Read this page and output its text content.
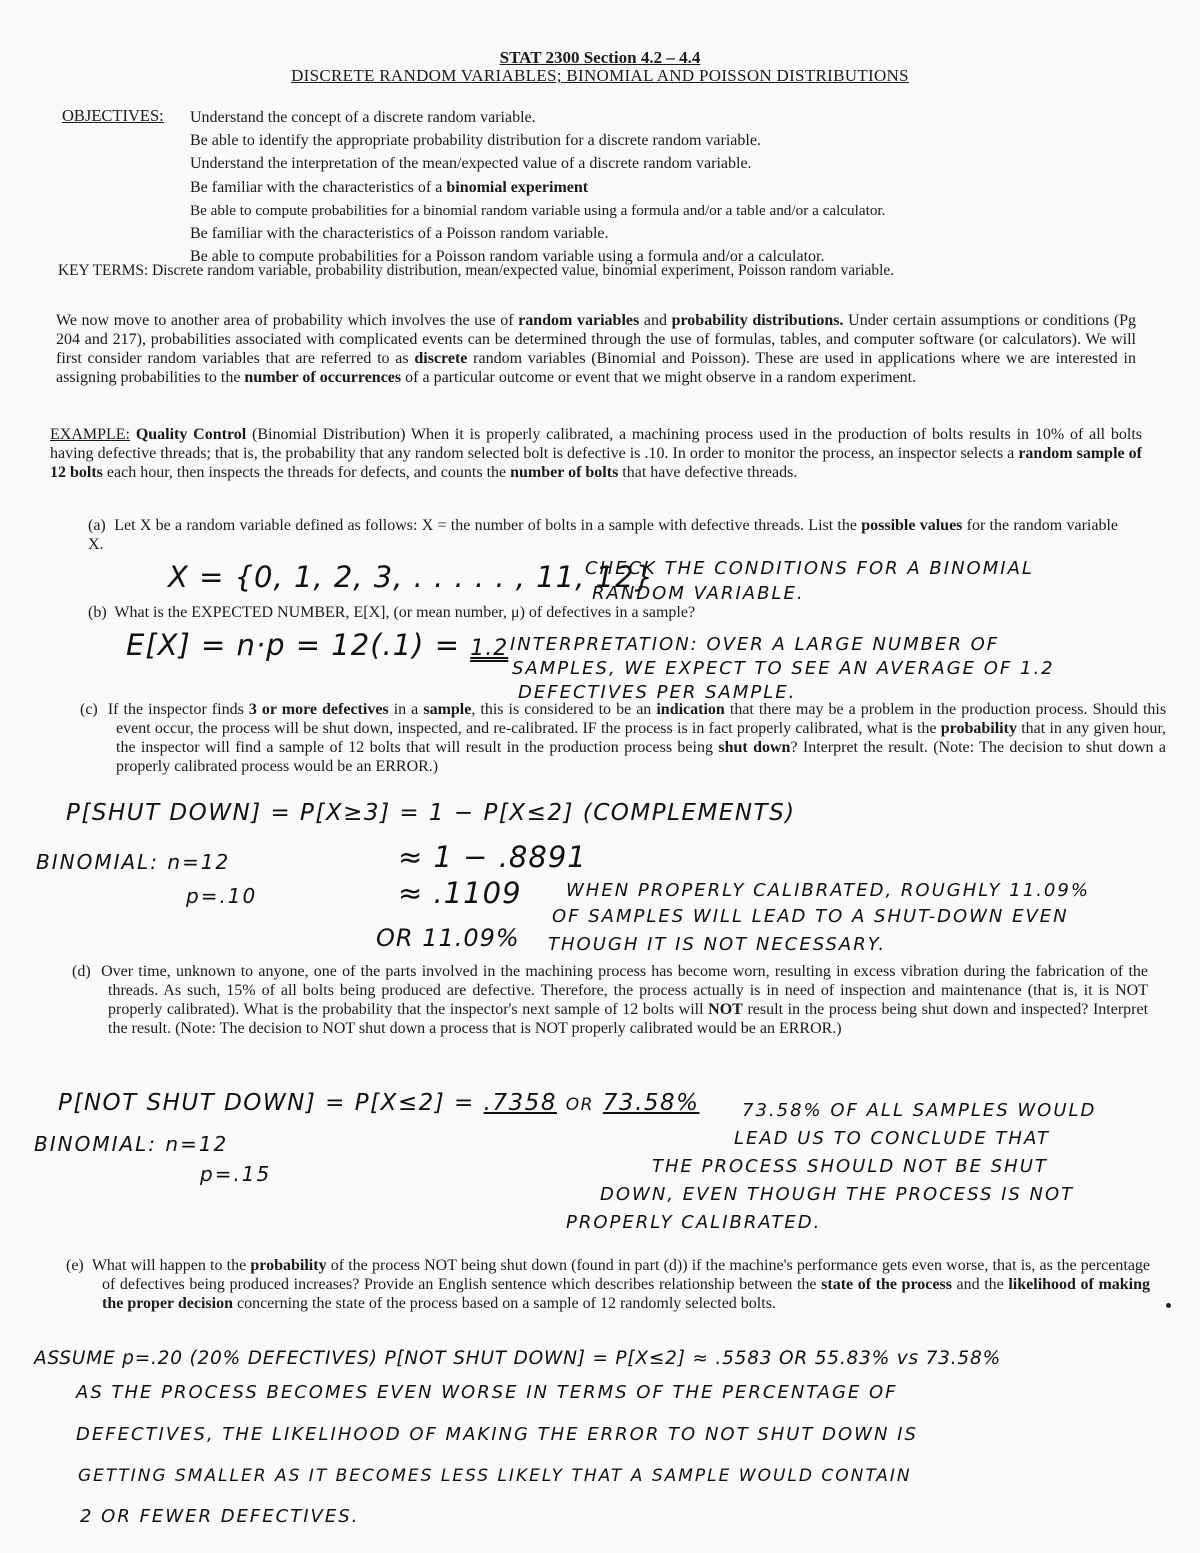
STAT 2300 Section 4.2 – 4.4
DISCRETE RANDOM VARIABLES; BINOMIAL AND POISSON DISTRIBUTIONS
OBJECTIVES: Understand the concept of a discrete random variable.
Be able to identify the appropriate probability distribution for a discrete random variable.
Understand the interpretation of the mean/expected value of a discrete random variable.
Be familiar with the characteristics of a binomial experiment
Be able to compute probabilities for a binomial random variable using a formula and/or a table and/or a calculator.
Be familiar with the characteristics of a Poisson random variable.
Be able to compute probabilities for a Poisson random variable using a formula and/or a calculator.
KEY TERMS: Discrete random variable, probability distribution, mean/expected value, binomial experiment, Poisson random variable.
We now move to another area of probability which involves the use of random variables and probability distributions. Under certain assumptions or conditions (Pg 204 and 217), probabilities associated with complicated events can be determined through the use of formulas, tables, and computer software (or calculators). We will first consider random variables that are referred to as discrete random variables (Binomial and Poisson). These are used in applications where we are interested in assigning probabilities to the number of occurrences of a particular outcome or event that we might observe in a random experiment.
EXAMPLE: Quality Control (Binomial Distribution) When it is properly calibrated, a machining process used in the production of bolts results in 10% of all bolts having defective threads; that is, the probability that any random selected bolt is defective is .10. In order to monitor the process, an inspector selects a random sample of 12 bolts each hour, then inspects the threads for defects, and counts the number of bolts that have defective threads.
(a) Let X be a random variable defined as follows: X = the number of bolts in a sample with defective threads. List the possible values for the random variable X.
X = {0, 1, 2, 3, . . . . . , 11, 12}
CHECK THE CONDITIONS FOR A BINOMIAL
RANDOM VARIABLE.
(b) What is the EXPECTED NUMBER, E[X], (or mean number, μ) of defectives in a sample?
E[X] = n·p = 12(.1) = 1.2 INTERPRETATION: OVER A LARGE NUMBER OF
SAMPLES, WE EXPECT TO SEE AN AVERAGE OF 1.2
DEFECTIVES PER SAMPLE.
(c) If the inspector finds 3 or more defectives in a sample, this is considered to be an indication that there may be a problem in the production process. Should this event occur, the process will be shut down, inspected, and re-calibrated. IF the process is in fact properly calibrated, what is the probability that in any given hour, the inspector will find a sample of 12 bolts that will result in the production process being shut down? Interpret the result. (Note: The decision to shut down a properly calibrated process would be an ERROR.)
P[SHUT DOWN] = P[X≥3] = 1 − P[X≤2] (COMPLEMENTS)
BINOMIAL: n=12
p=.10
≈ 1 − .8891
≈ .1109
OR 11.09%
WHEN PROPERLY CALIBRATED, ROUGHLY 11.09%
OF SAMPLES WILL LEAD TO A SHUT-DOWN EVEN
THOUGH IT IS NOT NECESSARY.
(d) Over time, unknown to anyone, one of the parts involved in the machining process has become worn, resulting in excess vibration during the fabrication of the threads. As such, 15% of all bolts being produced are defective. Therefore, the process actually is in need of inspection and maintenance (that is, it is NOT properly calibrated). What is the probability that the inspector's next sample of 12 bolts will NOT result in the process being shut down and inspected? Interpret the result. (Note: The decision to NOT shut down a process that is NOT properly calibrated would be an ERROR.)
P[NOT SHUT DOWN] = P[X≤2] = .7358 OR 73.58%
BINOMIAL: n=12
p=.15
73.58% OF ALL SAMPLES WOULD
LEAD US TO CONCLUDE THAT
THE PROCESS SHOULD NOT BE SHUT
DOWN, EVEN THOUGH THE PROCESS IS NOT
PROPERLY CALIBRATED.
(e) What will happen to the probability of the process NOT being shut down (found in part (d)) if the machine's performance gets even worse, that is, as the percentage of defectives being produced increases? Provide an English sentence which describes relationship between the state of the process and the likelihood of making the proper decision concerning the state of the process based on a sample of 12 randomly selected bolts.
ASSUME p=.20 (20% DEFECTIVES) P[NOT SHUT DOWN] = P[X≤2] ≈ .5583 OR 55.83% vs 73.58%
AS THE PROCESS BECOMES EVEN WORSE IN TERMS OF THE PERCENTAGE OF
DEFECTIVES, THE LIKELIHOOD OF MAKING THE ERROR TO NOT SHUT DOWN IS
GETTING SMALLER AS IT BECOMES LESS LIKELY THAT A SAMPLE WOULD CONTAIN
2 OR FEWER DEFECTIVES.
